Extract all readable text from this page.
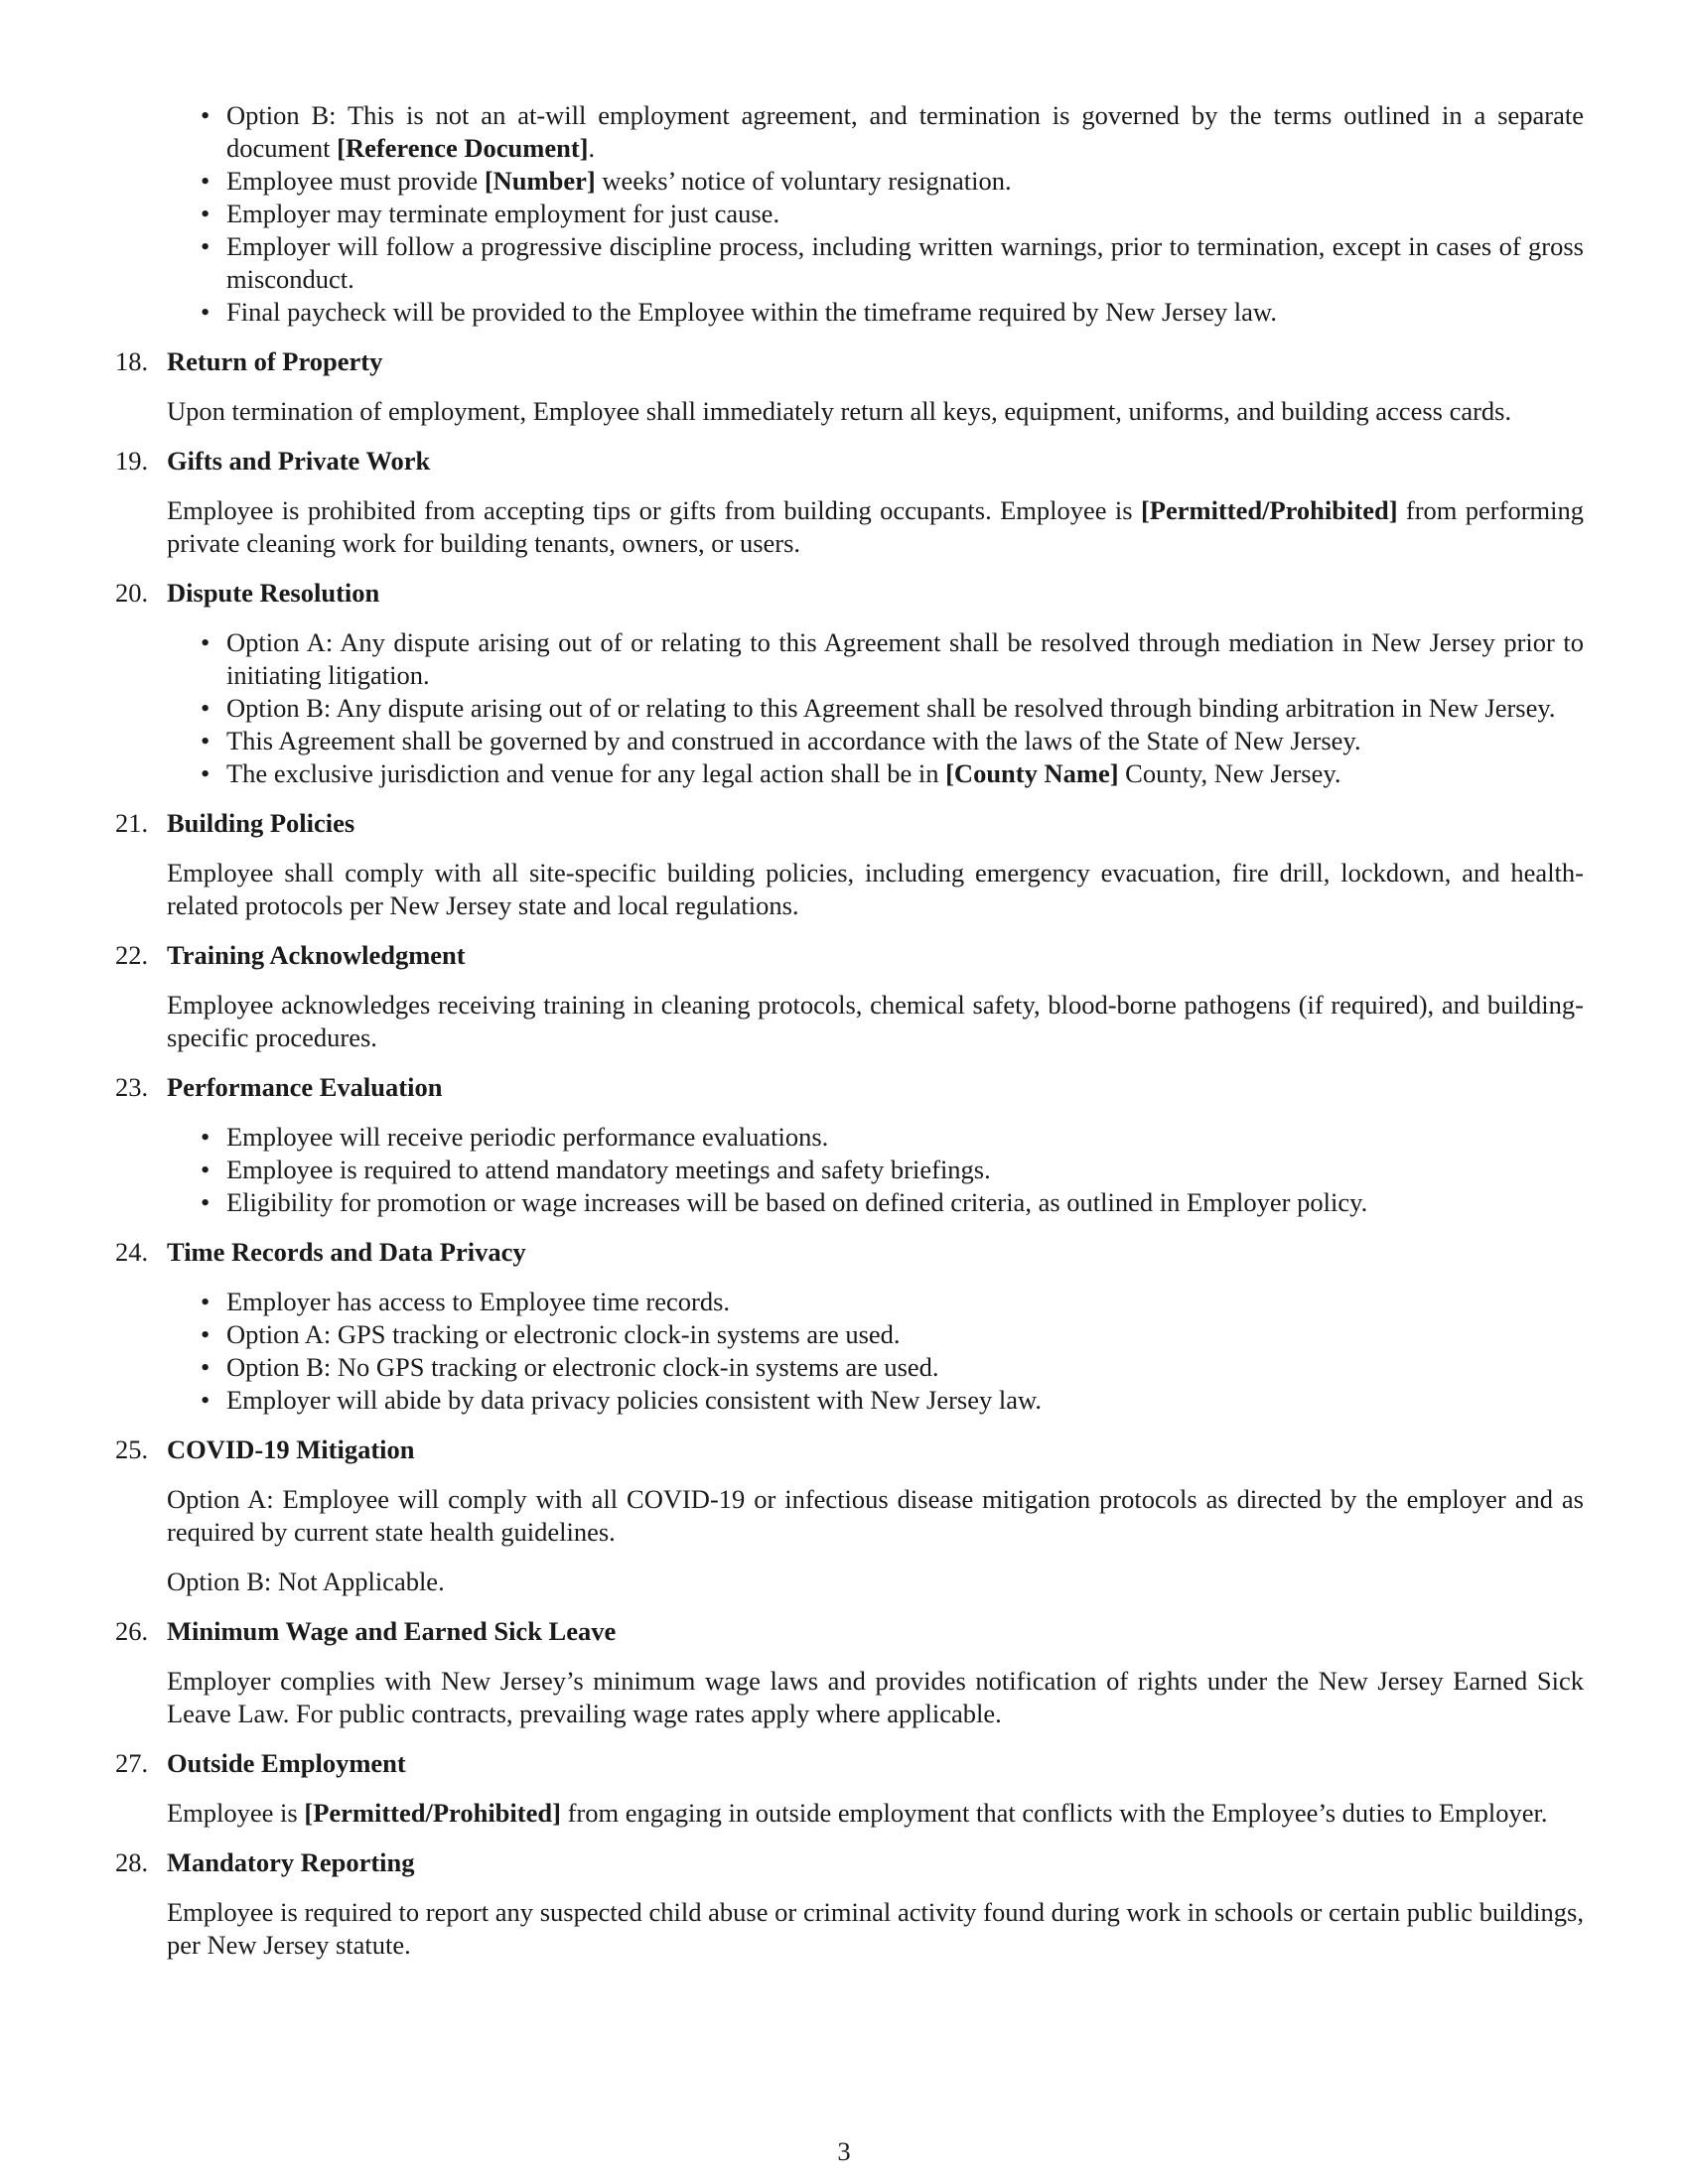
• Option B: This is not an at-will employment agreement, and termination is governed by the terms outlined in a separate document [Reference Document].
• Employee must provide [Number] weeks’ notice of voluntary resignation.
• Employer may terminate employment for just cause.
• Employer will follow a progressive discipline process, including written warnings, prior to termination, except in cases of gross misconduct.
• Final paycheck will be provided to the Employee within the timeframe required by New Jersey law.
18. Return of Property
Upon termination of employment, Employee shall immediately return all keys, equipment, uniforms, and building access cards.
19. Gifts and Private Work
Employee is prohibited from accepting tips or gifts from building occupants. Employee is [Permitted/Prohibited] from performing private cleaning work for building tenants, owners, or users.
20. Dispute Resolution
• Option A: Any dispute arising out of or relating to this Agreement shall be resolved through mediation in New Jersey prior to initiating litigation.
• Option B: Any dispute arising out of or relating to this Agreement shall be resolved through binding arbitration in New Jersey.
• This Agreement shall be governed by and construed in accordance with the laws of the State of New Jersey.
• The exclusive jurisdiction and venue for any legal action shall be in [County Name] County, New Jersey.
21. Building Policies
Employee shall comply with all site-specific building policies, including emergency evacuation, fire drill, lockdown, and health-related protocols per New Jersey state and local regulations.
22. Training Acknowledgment
Employee acknowledges receiving training in cleaning protocols, chemical safety, blood-borne pathogens (if required), and building-specific procedures.
23. Performance Evaluation
• Employee will receive periodic performance evaluations.
• Employee is required to attend mandatory meetings and safety briefings.
• Eligibility for promotion or wage increases will be based on defined criteria, as outlined in Employer policy.
24. Time Records and Data Privacy
• Employer has access to Employee time records.
• Option A: GPS tracking or electronic clock-in systems are used.
• Option B: No GPS tracking or electronic clock-in systems are used.
• Employer will abide by data privacy policies consistent with New Jersey law.
25. COVID-19 Mitigation
Option A: Employee will comply with all COVID-19 or infectious disease mitigation protocols as directed by the employer and as required by current state health guidelines.
Option B: Not Applicable.
26. Minimum Wage and Earned Sick Leave
Employer complies with New Jersey’s minimum wage laws and provides notification of rights under the New Jersey Earned Sick Leave Law. For public contracts, prevailing wage rates apply where applicable.
27. Outside Employment
Employee is [Permitted/Prohibited] from engaging in outside employment that conflicts with the Employee’s duties to Employer.
28. Mandatory Reporting
Employee is required to report any suspected child abuse or criminal activity found during work in schools or certain public buildings, per New Jersey statute.
3
